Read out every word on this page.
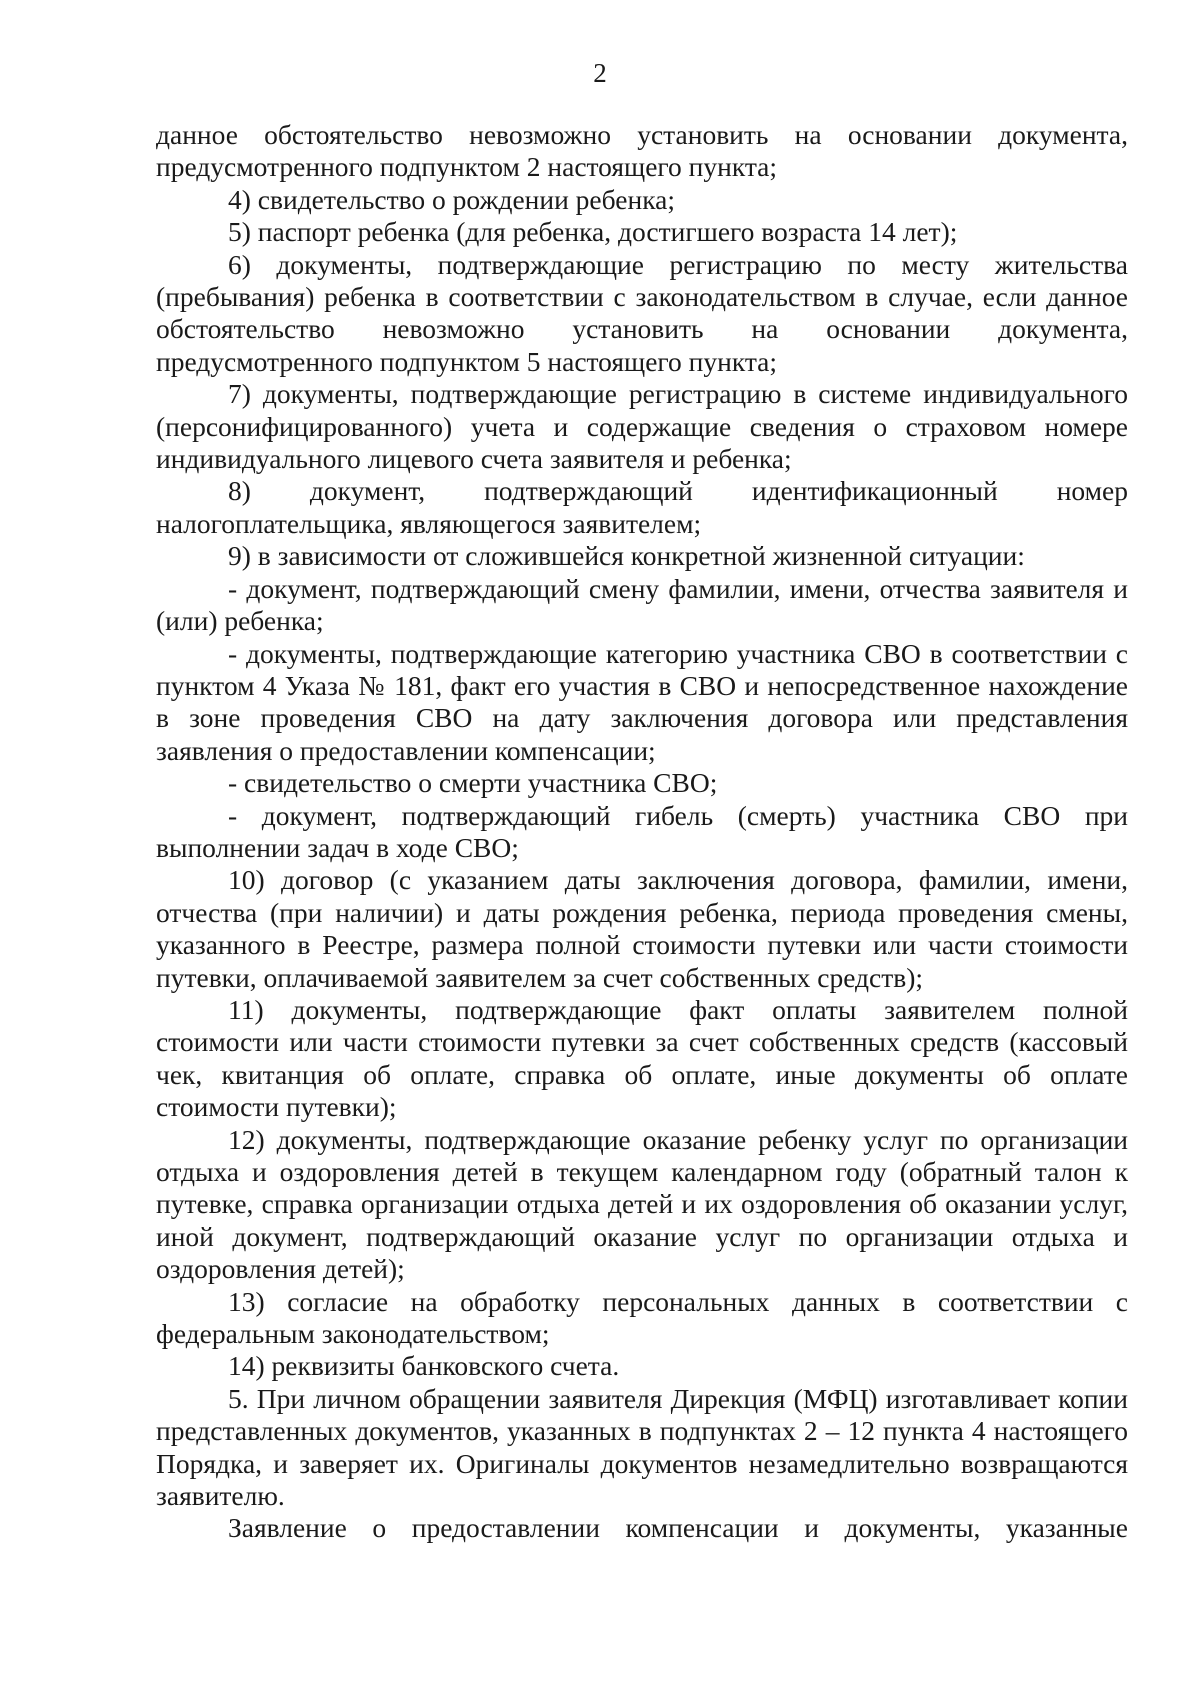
2

данное обстоятельство невозможно установить на основании документа, предусмотренного подпунктом 2 настоящего пункта;

4) свидетельство о рождении ребенка;

5) паспорт ребенка (для ребенка, достигшего возраста 14 лет);

6) документы, подтверждающие регистрацию по месту жительства (пребывания) ребенка в соответствии с законодательством в случае, если данное обстоятельство невозможно установить на основании документа, предусмотренного подпунктом 5 настоящего пункта;

7) документы, подтверждающие регистрацию в системе индивидуального (персонифицированного) учета и содержащие сведения о страховом номере индивидуального лицевого счета заявителя и ребенка;

8) документ, подтверждающий идентификационный номер налогоплательщика, являющегося заявителем;

9) в зависимости от сложившейся конкретной жизненной ситуации:

- документ, подтверждающий смену фамилии, имени, отчества заявителя и (или) ребенка;

- документы, подтверждающие категорию участника СВО в соответствии с пунктом 4 Указа № 181, факт его участия в СВО и непосредственное нахождение в зоне проведения СВО на дату заключения договора или представления заявления о предоставлении компенсации;

- свидетельство о смерти участника СВО;

- документ, подтверждающий гибель (смерть) участника СВО при выполнении задач в ходе СВО;

10) договор (с указанием даты заключения договора, фамилии, имени, отчества (при наличии) и даты рождения ребенка, периода проведения смены, указанного в Реестре, размера полной стоимости путевки или части стоимости путевки, оплачиваемой заявителем за счет собственных средств);

11) документы, подтверждающие факт оплаты заявителем полной стоимости или части стоимости путевки за счет собственных средств (кассовый чек, квитанция об оплате, справка об оплате, иные документы об оплате стоимости путевки);

12) документы, подтверждающие оказание ребенку услуг по организации отдыха и оздоровления детей в текущем календарном году (обратный талон к путевке, справка организации отдыха детей и их оздоровления об оказании услуг, иной документ, подтверждающий оказание услуг по организации отдыха и оздоровления детей);

13) согласие на обработку персональных данных в соответствии с федеральным законодательством;

14) реквизиты банковского счета.

5. При личном обращении заявителя Дирекция (МФЦ) изготавливает копии представленных документов, указанных в подпунктах 2 – 12 пункта 4 настоящего Порядка, и заверяет их. Оригиналы документов незамедлительно возвращаются заявителю.

Заявление о предоставлении компенсации и документы, указанные
